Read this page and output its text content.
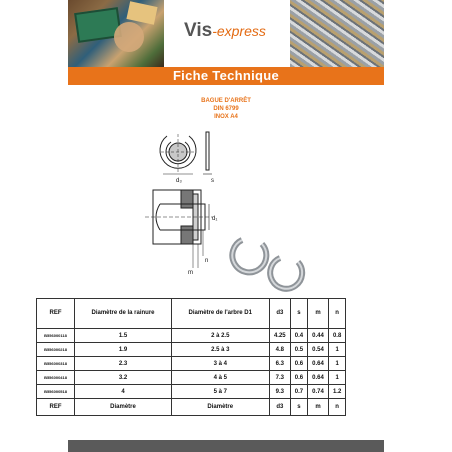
Vis-express
Fiche Technique
BAGUE D'ARRÊT
DIN 6799
INOX A4
d₃	s
d₁
n
m
REF	Diamètre de la rainure	Diamètre de l'arbre D1	d3	s	m	n
B556000118	1.5	2 à 2.5	4.25	0.4	0.44	0.8
B556000218	1.9	2.5 à 3	4.8	0.5	0.54	1
B556000318	2.3	3 à 4	6.3	0.6	0.64	1
B556000418	3.2	4 à 5	7.3	0.6	0.64	1
B556000518	4	5 à 7	9.3	0.7	0.74	1.2
REF	Diamètre	Diamètre	d3	s	m	n
